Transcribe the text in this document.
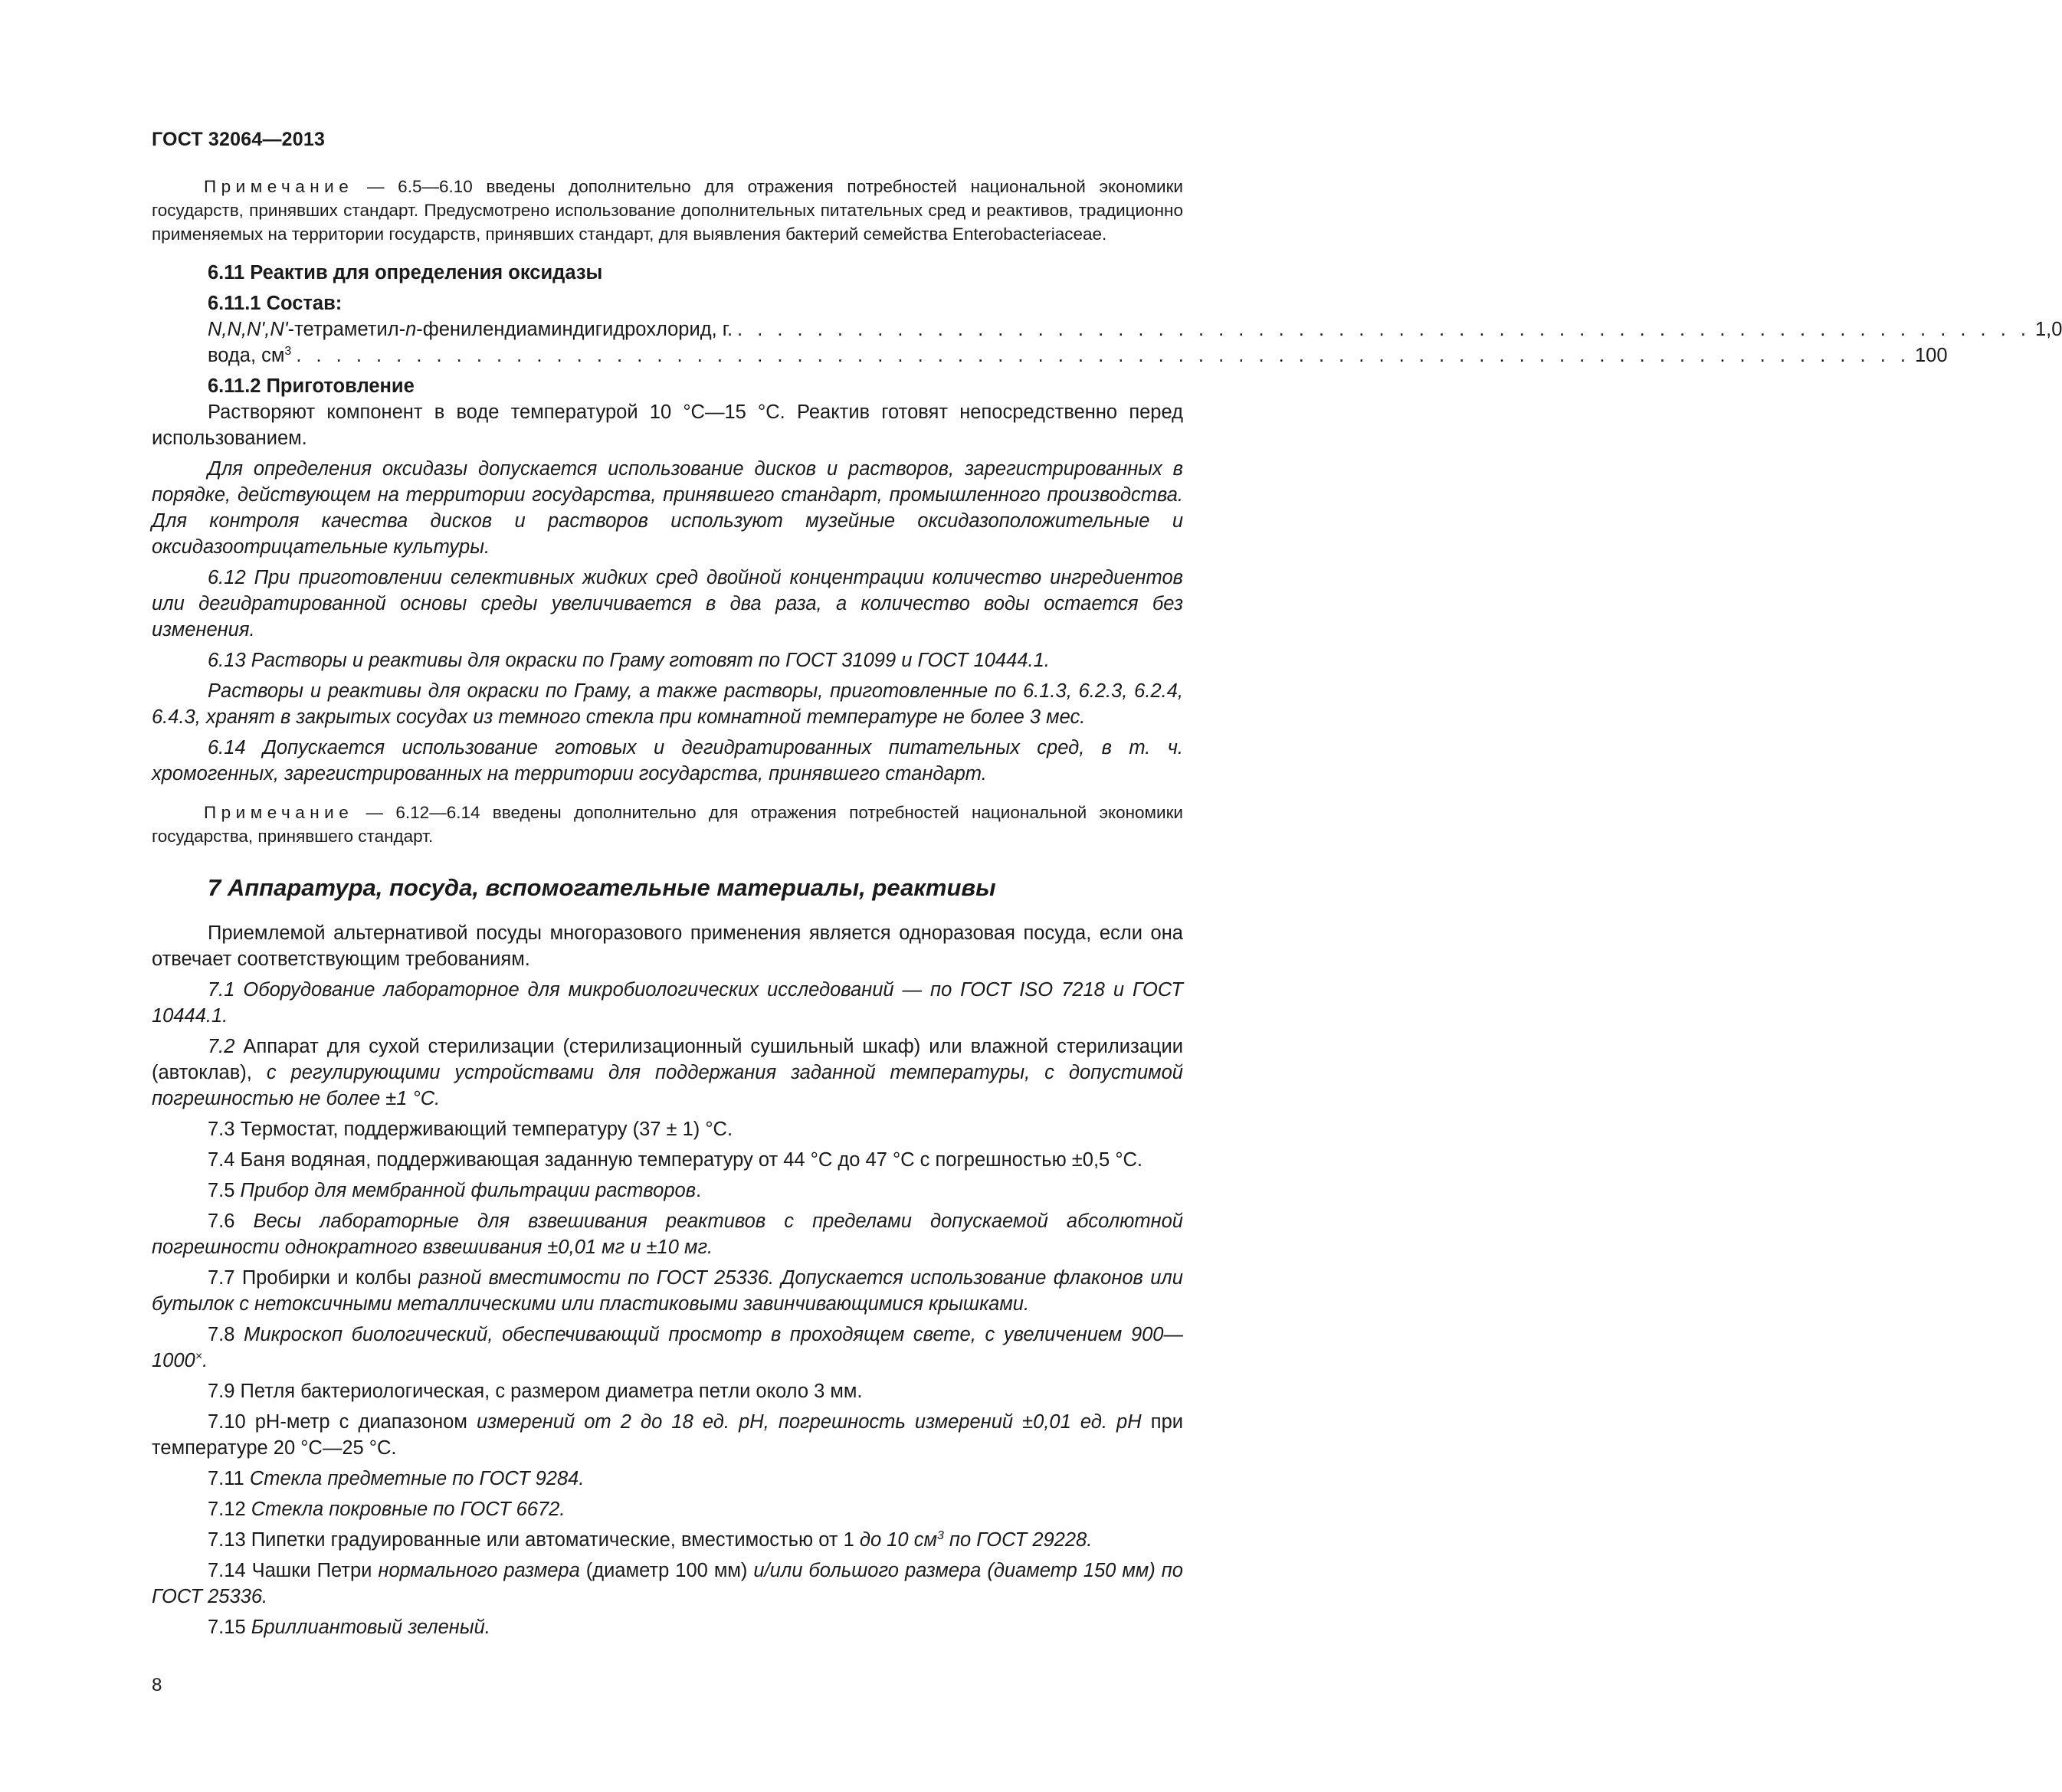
ГОСТ 32064—2013

Примечание — 6.5—6.10 введены дополнительно для отражения потребностей национальной экономики государств, принявших стандарт. Предусмотрено использование дополнительных питательных сред и реактивов, традиционно применяемых на территории государств, принявших стандарт, для выявления бактерий семейства Enterobacteriaceae.

6.11 Реактив для определения оксидазы
6.11.1 Состав:
N,N,N',N'-тетраметил-n-фенилендиаминдигидрохлорид, г. . . . . . . . . . . . . . . . . . . . . . . . . . . . . . . . . . . . . . . . . . . . . . . . . . . . . . . . . . . . . . . . . . 1,0
вода, $см^3$ . . . . . . . . . . . . . . . . . . . . . . . . . . . . . . . . . . . . . . . . . . . . . . . . . . . . . . . . . . . . . . . . . . . . . . . . . . . . . . . . . 100
6.11.2 Приготовление

Растворяют компонент в воде температурой 10 °С—15 °С. Реактив готовят непосредственно перед использованием.

Для определения оксидазы допускается использование дисков и растворов, зарегистрированных в порядке, действующем на территории государства, принявшего стандарт, промышленного производства. Для контроля качества дисков и растворов используют музейные оксидазоположительные и оксидазоотрицательные культуры.

6.12 При приготовлении селективных жидких сред двойной концентрации количество ингредиентов или дегидратированной основы среды увеличивается в два раза, а количество воды остается без изменения.

6.13 Растворы и реактивы для окраски по Граму готовят по ГОСТ 31099 и ГОСТ 10444.1.

Растворы и реактивы для окраски по Граму, а также растворы, приготовленные по 6.1.3, 6.2.3, 6.2.4, 6.4.3, хранят в закрытых сосудах из темного стекла при комнатной температуре не более 3 мес.

6.14 Допускается использование готовых и дегидратированных питательных сред, в т. ч. хромогенных, зарегистрированных на территории государства, принявшего стандарт.

Примечание — 6.12—6.14 введены дополнительно для отражения потребностей национальной экономики государства, принявшего стандарт.

7 Аппаратура, посуда, вспомогательные материалы, реактивы

Приемлемой альтернативой посуды многоразового применения является одноразовая посуда, если она отвечает соответствующим требованиям.

7.1 Оборудование лабораторное для микробиологических исследований — по ГОСТ ISO 7218 и ГОСТ 10444.1.

7.2 Аппарат для сухой стерилизации (стерилизационный сушильный шкаф) или влажной стерилизации (автоклав), с регулирующими устройствами для поддержания заданной температуры, с допустимой погрешностью не более ±1 °С.

7.3 Термостат, поддерживающий температуру (37 ± 1) °С.

7.4 Баня водяная, поддерживающая заданную температуру от 44 °С до 47 °С с погрешностью ±0,5 °С.

7.5 Прибор для мембранной фильтрации растворов.

7.6 Весы лабораторные для взвешивания реактивов с пределами допускаемой абсолютной погрешности однократного взвешивания ±0,01 мг и ±10 мг.

7.7 Пробирки и колбы разной вместимости по ГОСТ 25336. Допускается использование флаконов или бутылок с нетоксичными металлическими или пластиковыми завинчивающимися крышками.

7.8 Микроскоп биологический, обеспечивающий просмотр в проходящем свете, с увеличением 900—1000×.

7.9 Петля бактериологическая, с размером диаметра петли около 3 мм.

7.10 pH-метр с диапазоном измерений от 2 до 18 ед. рН, погрешность измерений ±0,01 ед. рН при температуре 20 °С—25 °С.

7.11 Стекла предметные по ГОСТ 9284.

7.12 Стекла покровные по ГОСТ 6672.

7.13 Пипетки градуированные или автоматические, вместимостью от 1 до 10 $см^3$ по ГОСТ 29228.

7.14 Чашки Петри нормального размера (диаметр 100 мм) и/или большого размера (диаметр 150 мм) по ГОСТ 25336.

7.15 Бриллиантовый зеленый.

8
